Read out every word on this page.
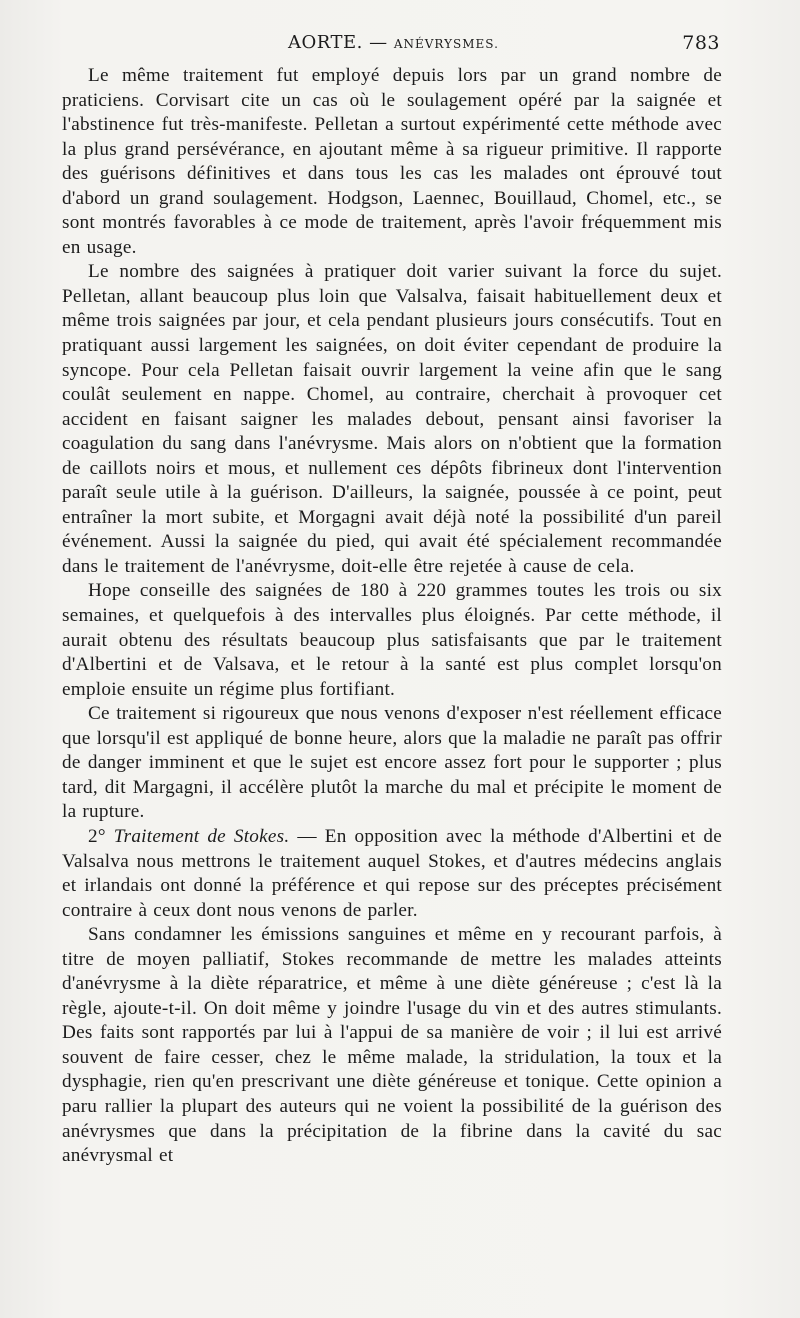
AORTE. — ANÉVRYSMES.	783

Le même traitement fut employé depuis lors par un grand nombre de praticiens. Corvisart cite un cas où le soulagement opéré par la saignée et l'abstinence fut très-manifeste. Pelletan a surtout expérimenté cette méthode avec la plus grand persévérance, en ajoutant même à sa rigueur primitive. Il rapporte des guérisons définitives et dans tous les cas les malades ont éprouvé tout d'abord un grand soulagement. Hodgson, Laennec, Bouillaud, Chomel, etc., se sont montrés favorables à ce mode de traitement, après l'avoir fréquemment mis en usage.

Le nombre des saignées à pratiquer doit varier suivant la force du sujet. Pelletan, allant beaucoup plus loin que Valsalva, faisait habituellement deux et même trois saignées par jour, et cela pendant plusieurs jours consécutifs. Tout en pratiquant aussi largement les saignées, on doit éviter cependant de produire la syncope. Pour cela Pelletan faisait ouvrir largement la veine afin que le sang coulât seulement en nappe. Chomel, au contraire, cherchait à provoquer cet accident en faisant saigner les malades debout, pensant ainsi favoriser la coagulation du sang dans l'anévrysme. Mais alors on n'obtient que la formation de caillots noirs et mous, et nullement ces dépôts fibrineux dont l'intervention paraît seule utile à la guérison. D'ailleurs, la saignée, poussée à ce point, peut entraîner la mort subite, et Morgagni avait déjà noté la possibilité d'un pareil événement. Aussi la saignée du pied, qui avait été spécialement recommandée dans le traitement de l'anévrysme, doit-elle être rejetée à cause de cela.

Hope conseille des saignées de 180 à 220 grammes toutes les trois ou six semaines, et quelquefois à des intervalles plus éloignés. Par cette méthode, il aurait obtenu des résultats beaucoup plus satisfaisants que par le traitement d'Albertini et de Valsava, et le retour à la santé est plus complet lorsqu'on emploie ensuite un régime plus fortifiant.

Ce traitement si rigoureux que nous venons d'exposer n'est réellement efficace que lorsqu'il est appliqué de bonne heure, alors que la maladie ne paraît pas offrir de danger imminent et que le sujet est encore assez fort pour le supporter ; plus tard, dit Margagni, il accélère plutôt la marche du mal et précipite le moment de la rupture.

2° Traitement de Stokes. — En opposition avec la méthode d'Albertini et de Valsalva nous mettrons le traitement auquel Stokes, et d'autres médecins anglais et irlandais ont donné la préférence et qui repose sur des préceptes précisément contraire à ceux dont nous venons de parler.

Sans condamner les émissions sanguines et même en y recourant parfois, à titre de moyen palliatif, Stokes recommande de mettre les malades atteints d'anévrysme à la diète réparatrice, et même à une diète généreuse ; c'est là la règle, ajoute-t-il. On doit même y joindre l'usage du vin et des autres stimulants. Des faits sont rapportés par lui à l'appui de sa manière de voir ; il lui est arrivé souvent de faire cesser, chez le même malade, la stridulation, la toux et la dysphagie, rien qu'en prescrivant une diète généreuse et tonique. Cette opinion a paru rallier la plupart des auteurs qui ne voient la possibilité de la guérison des anévrysmes que dans la précipitation de la fibrine dans la cavité du sac anévrysmal et
